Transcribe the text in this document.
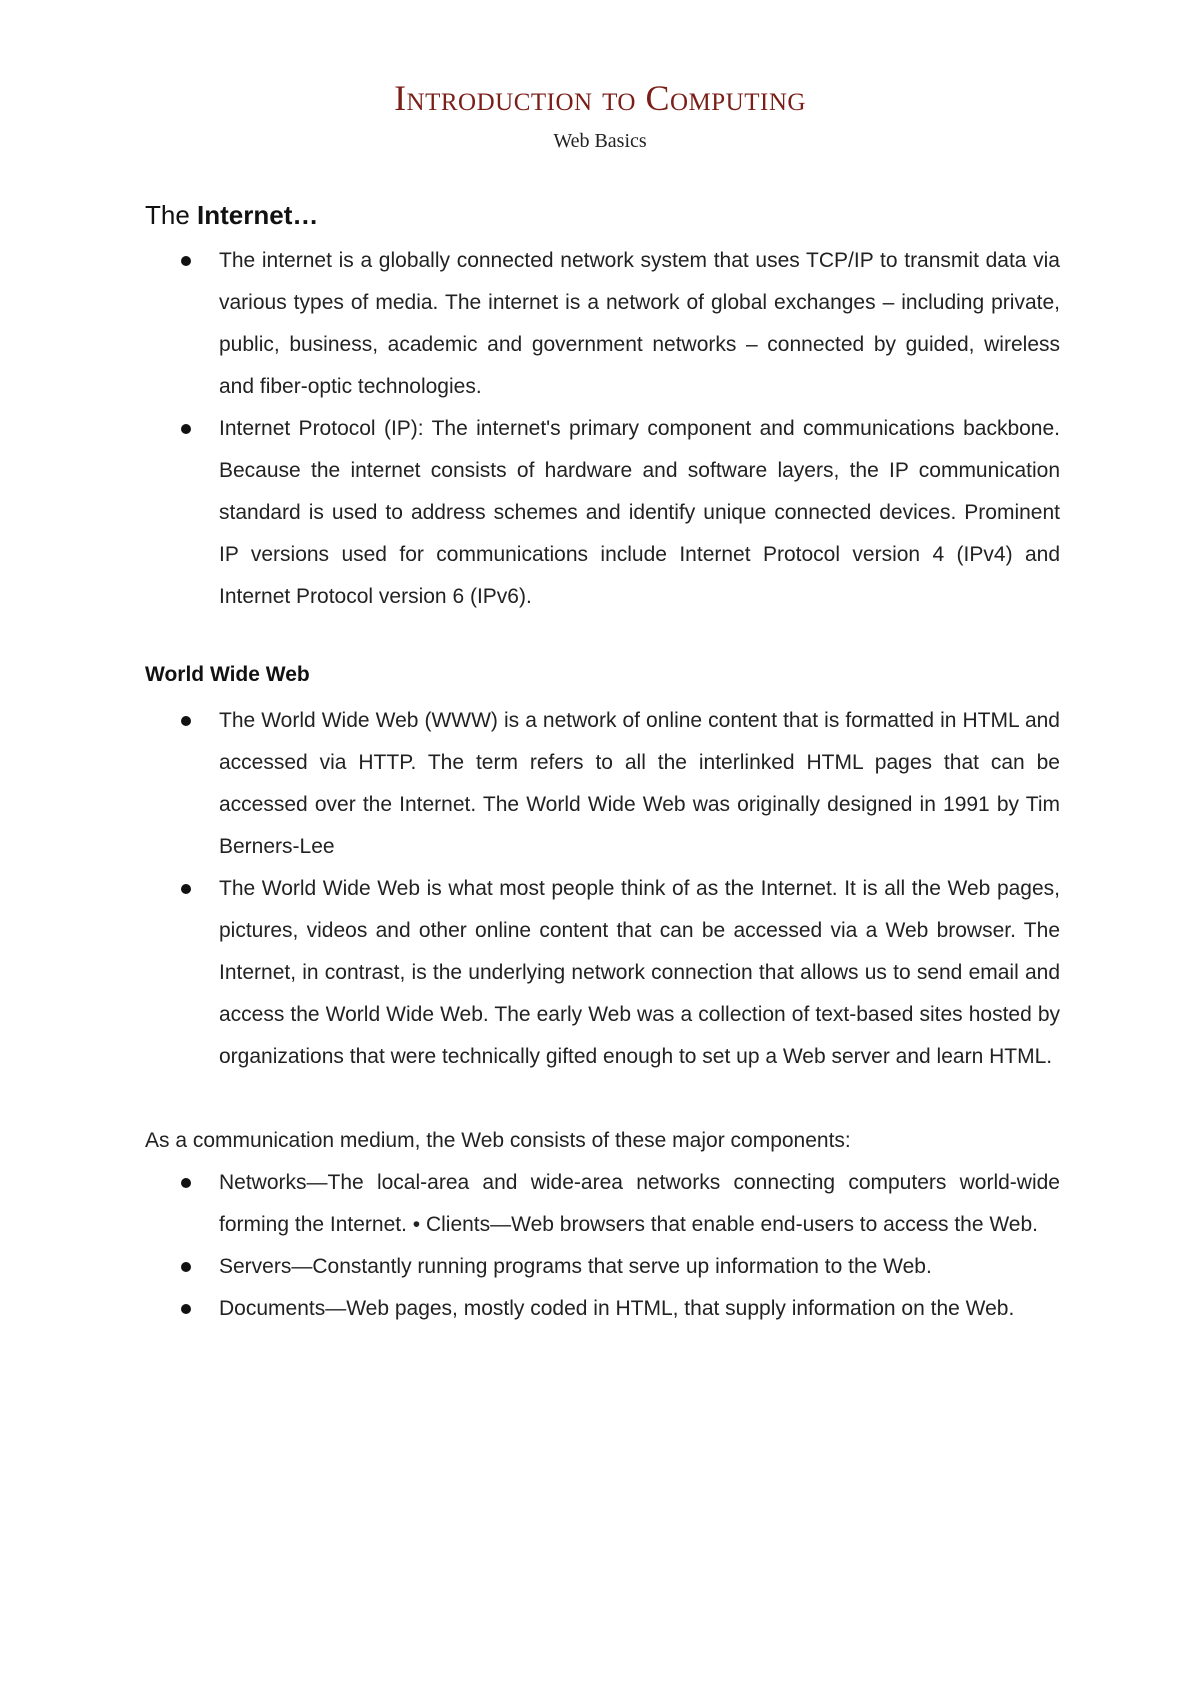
Introduction to Computing
Web Basics
The Internet…
The internet is a globally connected network system that uses TCP/IP to transmit data via various types of media. The internet is a network of global exchanges – including private, public, business, academic and government networks – connected by guided, wireless and fiber-optic technologies.
Internet Protocol (IP): The internet's primary component and communications backbone. Because the internet consists of hardware and software layers, the IP communication standard is used to address schemes and identify unique connected devices. Prominent IP versions used for communications include Internet Protocol version 4 (IPv4) and Internet Protocol version 6 (IPv6).
World Wide Web
The World Wide Web (WWW) is a network of online content that is formatted in HTML and accessed via HTTP. The term refers to all the interlinked HTML pages that can be accessed over the Internet. The World Wide Web was originally designed in 1991 by Tim Berners-Lee
The World Wide Web is what most people think of as the Internet. It is all the Web pages, pictures, videos and other online content that can be accessed via a Web browser. The Internet, in contrast, is the underlying network connection that allows us to send email and access the World Wide Web. The early Web was a collection of text-based sites hosted by organizations that were technically gifted enough to set up a Web server and learn HTML.

As a communication medium, the Web consists of these major components:

Networks—The local-area and wide-area networks connecting computers world-wide forming the Internet. • Clients—Web browsers that enable end-users to access the Web.
Servers—Constantly running programs that serve up information to the Web.
Documents—Web pages, mostly coded in HTML, that supply information on the Web.
